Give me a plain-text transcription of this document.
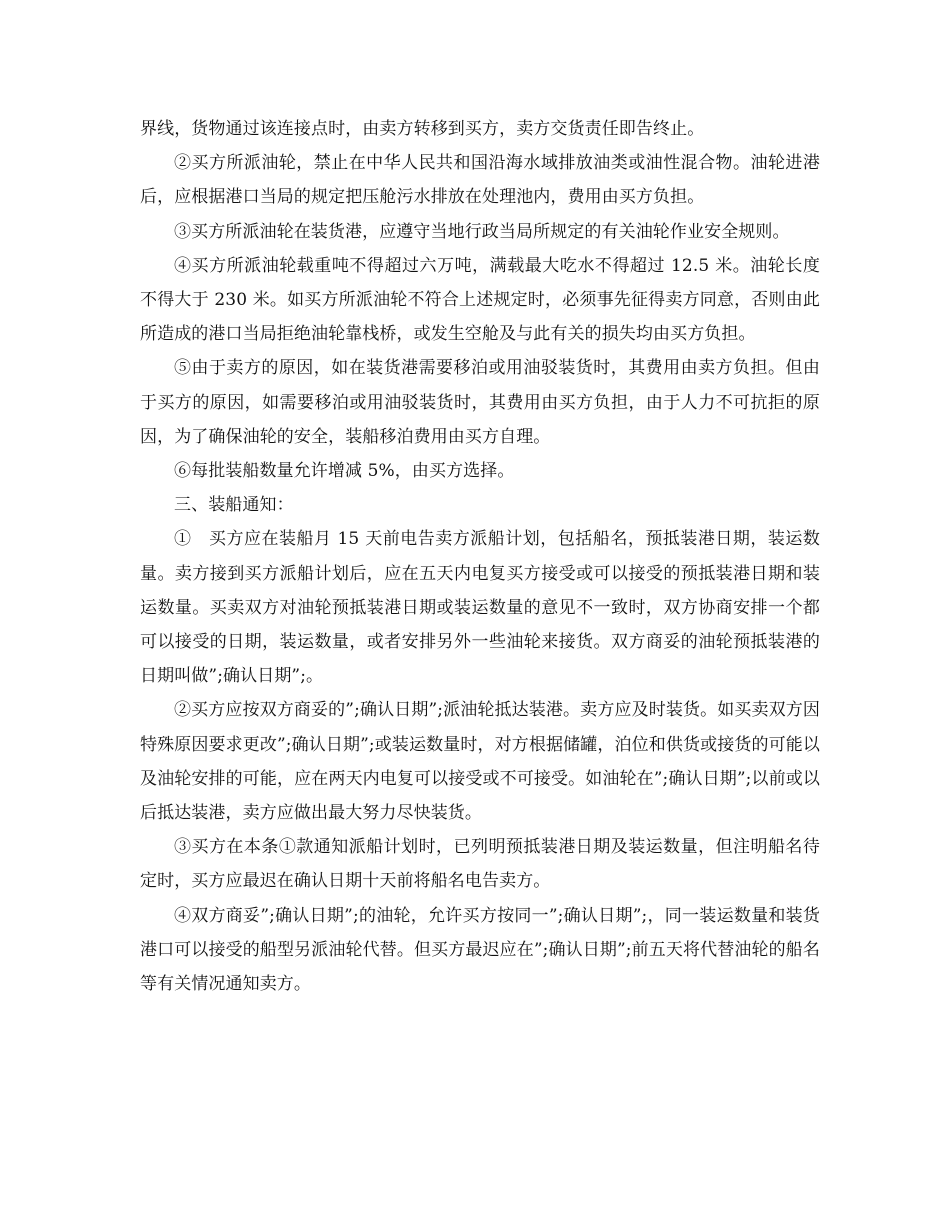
界线，货物通过该连接点时，由卖方转移到买方，卖方交货责任即告终止。

②买方所派油轮，禁止在中华人民共和国沿海水域排放油类或油性混合物。油轮进港后，应根据港口当局的规定把压舱污水排放在处理池内，费用由买方负担。

③买方所派油轮在装货港，应遵守当地行政当局所规定的有关油轮作业安全规则。

④买方所派油轮载重吨不得超过六万吨，满载最大吃水不得超过 12.5 米。油轮长度不得大于 230 米。如买方所派油轮不符合上述规定时，必须事先征得卖方同意，否则由此所造成的港口当局拒绝油轮靠栈桥，或发生空舱及与此有关的损失均由买方负担。

⑤由于卖方的原因，如在装货港需要移泊或用油驳装货时，其费用由卖方负担。但由于买方的原因，如需要移泊或用油驳装货时，其费用由买方负担，由于人力不可抗拒的原因，为了确保油轮的安全，装船移泊费用由买方自理。

⑥每批装船数量允许增减 5%，由买方选择。

三、装船通知：

①　买方应在装船月 15 天前电告卖方派船计划，包括船名，预抵装港日期，装运数量。卖方接到买方派船计划后，应在五天内电复买方接受或可以接受的预抵装港日期和装运数量。买卖双方对油轮预抵装港日期或装运数量的意见不一致时，双方协商安排一个都可以接受的日期，装运数量，或者安排另外一些油轮来接货。双方商妥的油轮预抵装港的日期叫做”;确认日期”;。

②买方应按双方商妥的”;确认日期”;派油轮抵达装港。卖方应及时装货。如买卖双方因特殊原因要求更改”;确认日期”;或装运数量时，对方根据储罐，泊位和供货或接货的可能以及油轮安排的可能，应在两天内电复可以接受或不可接受。如油轮在”;确认日期”;以前或以后抵达装港，卖方应做出最大努力尽快装货。

③买方在本条①款通知派船计划时，已列明预抵装港日期及装运数量，但注明船名待定时，买方应最迟在确认日期十天前将船名电告卖方。

④双方商妥”;确认日期”;的油轮，允许买方按同一”;确认日期”;，同一装运数量和装货港口可以接受的船型另派油轮代替。但买方最迟应在”;确认日期”;前五天将代替油轮的船名等有关情况通知卖方。
